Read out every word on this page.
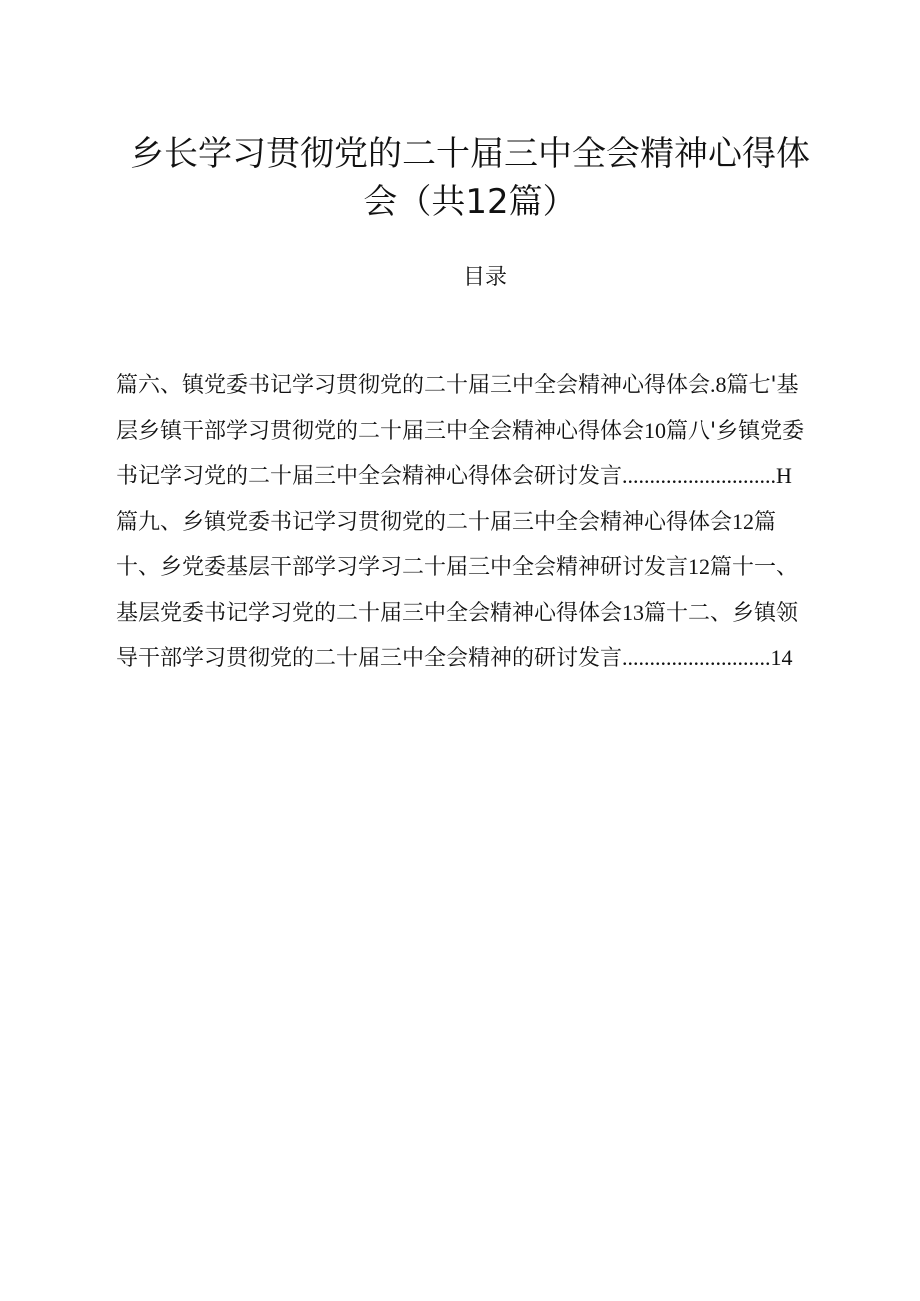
乡长学习贯彻党的二十届三中全会精神心得体
会（共12篇）
目录
篇六、镇党委书记学习贯彻党的二十届三中全会精神心得体会.8篇七'基
层乡镇干部学习贯彻党的二十届三中全会精神心得体会10篇八'乡镇党委
书记学习党的二十届三中全会精神心得体会研讨发言............................H
篇九、乡镇党委书记学习贯彻党的二十届三中全会精神心得体会12篇
十、乡党委基层干部学习学习二十届三中全会精神研讨发言12篇十一、
基层党委书记学习党的二十届三中全会精神心得体会13篇十二、乡镇领
导干部学习贯彻党的二十届三中全会精神的研讨发言...........................14
